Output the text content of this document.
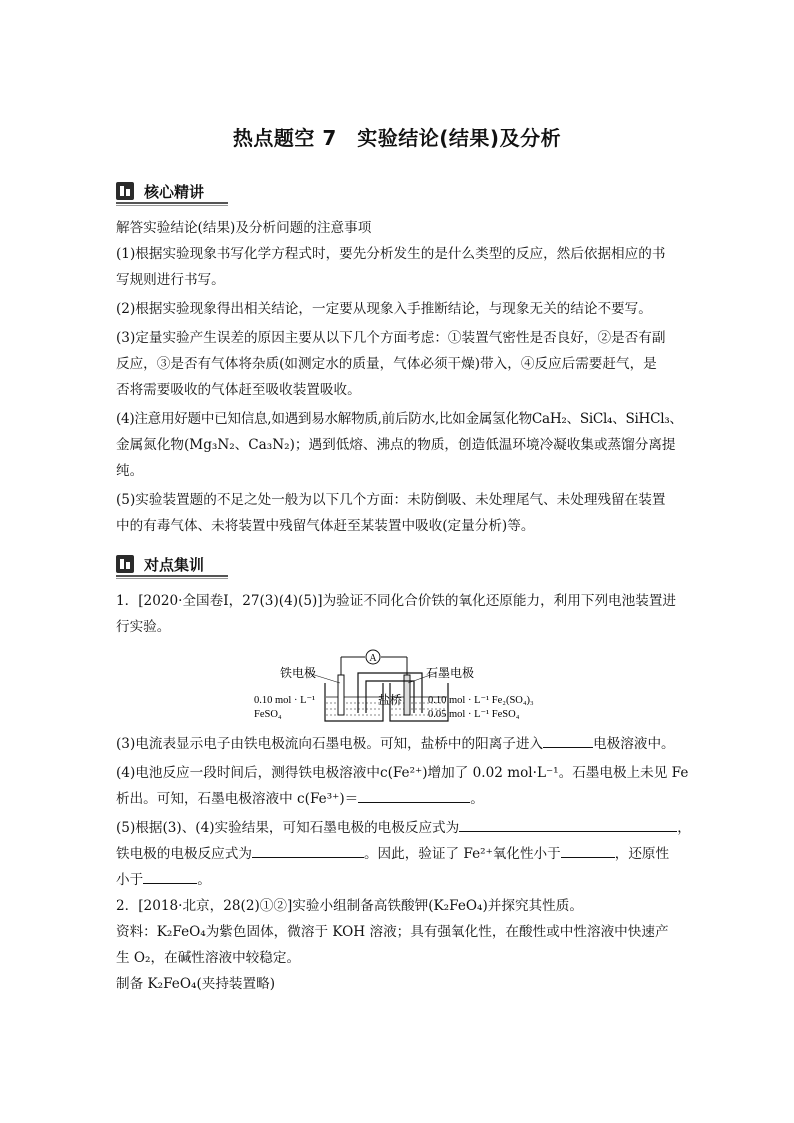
热点题空 7　实验结论(结果)及分析
核心精讲
解答实验结论(结果)及分析问题的注意事项
(1)根据实验现象书写化学方程式时，要先分析发生的是什么类型的反应，然后依据相应的书
写规则进行书写。
(2)根据实验现象得出相关结论，一定要从现象入手推断结论，与现象无关的结论不要写。
(3)定量实验产生误差的原因主要从以下几个方面考虑：①装置气密性是否良好，②是否有副
反应，③是否有气体将杂质(如测定水的质量，气体必须干燥)带入，④反应后需要赶气，是
否将需要吸收的气体赶至吸收装置吸收。
(4)注意用好题中已知信息,如遇到易水解物质,前后防水,比如金属氢化物CaH₂、SiCl₄、SiHCl₃、
金属氮化物(Mg₃N₂、Ca₃N₂)；遇到低熔、沸点的物质，创造低温环境冷凝收集或蒸馏分离提
纯。
(5)实验装置题的不足之处一般为以下几个方面：未防倒吸、未处理尾气、未处理残留在装置
中的有毒气体、未将装置中残留气体赶至某装置中吸收(定量分析)等。
对点集训
1．[2020·全国卷Ⅰ，27(3)(4)(5)]为验证不同化合价铁的氧化还原能力，利用下列电池装置进
行实验。
A
铁电极	石墨电极
盐桥
0.10 mol · L⁻¹
FeSO₄
0.10 mol · L⁻¹ Fe₂(SO₄)₃
0.05 mol · L⁻¹ FeSO₄
(3)电流表显示电子由铁电极流向石墨电极。可知，盐桥中的阳离子进入	电极溶液中。
(4)电池反应一段时间后，测得铁电极溶液中c(Fe²⁺)增加了 0.02 mol·L⁻¹。石墨电极上未见 Fe
析出。可知，石墨电极溶液中 c(Fe³⁺)＝	。
(5)根据(3)、(4)实验结果，可知石墨电极的电极反应式为	，
铁电极的电极反应式为	。因此，验证了 Fe²⁺氧化性小于	，还原性
小于	。
2．[2018·北京，28(2)①②]实验小组制备高铁酸钾(K₂FeO₄)并探究其性质。
资料：K₂FeO₄为紫色固体，微溶于 KOH 溶液；具有强氧化性，在酸性或中性溶液中快速产
生 O₂，在碱性溶液中较稳定。
制备 K₂FeO₄(夹持装置略)
